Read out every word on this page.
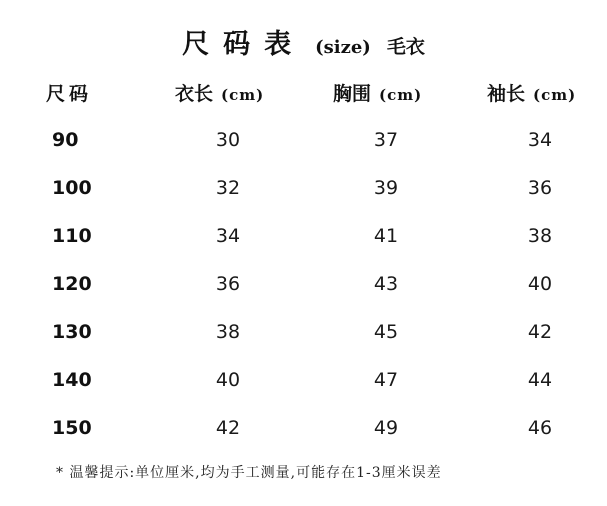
尺码表 (size) 毛衣
尺码	衣长 (cm)	胸围 (cm)	袖长 (cm)
90	30	37	34
100	32	39	36
110	34	41	38
120	36	43	40
130	38	45	42
140	40	47	44
150	42	49	46
* 温馨提示:单位厘米,均为手工测量,可能存在1-3厘米误差
